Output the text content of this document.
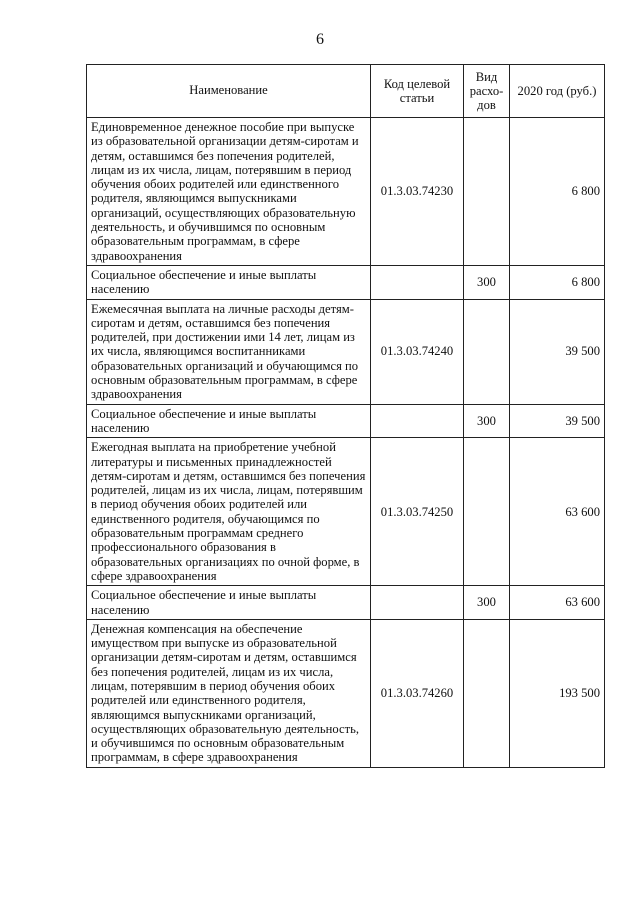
6
Наименование	Код целевой статьи	Вид расхо-дов	2020 год (руб.)
Единовременное денежное пособие при выпуске из образовательной организации детям-сиротам и детям, оставшимся без попечения родителей, лицам из их числа, лицам, потерявшим в период обучения обоих родителей или единственного родителя, являющимся выпускниками организаций, осуществляющих образовательную деятельность, и обучившимся по основным образовательным программам, в сфере здравоохранения	01.3.03.74230		6 800
Социальное обеспечение и иные выплаты населению		300	6 800
Ежемесячная выплата на личные расходы детям-сиротам и детям, оставшимся без попечения родителей, при достижении ими 14 лет, лицам из их числа, являющимся воспитанниками образовательных организаций и обучающимся по основным образовательным программам, в сфере здравоохранения	01.3.03.74240		39 500
Социальное обеспечение и иные выплаты населению		300	39 500
Ежегодная выплата на приобретение учебной литературы и письменных принадлежностей детям-сиротам и детям, оставшимся без попечения родителей, лицам из их числа, лицам, потерявшим в период обучения обоих родителей или единственного родителя, обучающимся по образовательным программам среднего профессионального образования в образовательных организациях по очной форме, в сфере здравоохранения	01.3.03.74250		63 600
Социальное обеспечение и иные выплаты населению		300	63 600
Денежная компенсация на обеспечение имуществом при выпуске из образовательной организации детям-сиротам и детям, оставшимся без попечения родителей, лицам из их числа, лицам, потерявшим в период обучения обоих родителей или единственного родителя, являющимся выпускниками организаций, осуществляющих образовательную деятельность, и обучившимся по основным образовательным программам, в сфере здравоохранения	01.3.03.74260		193 500
